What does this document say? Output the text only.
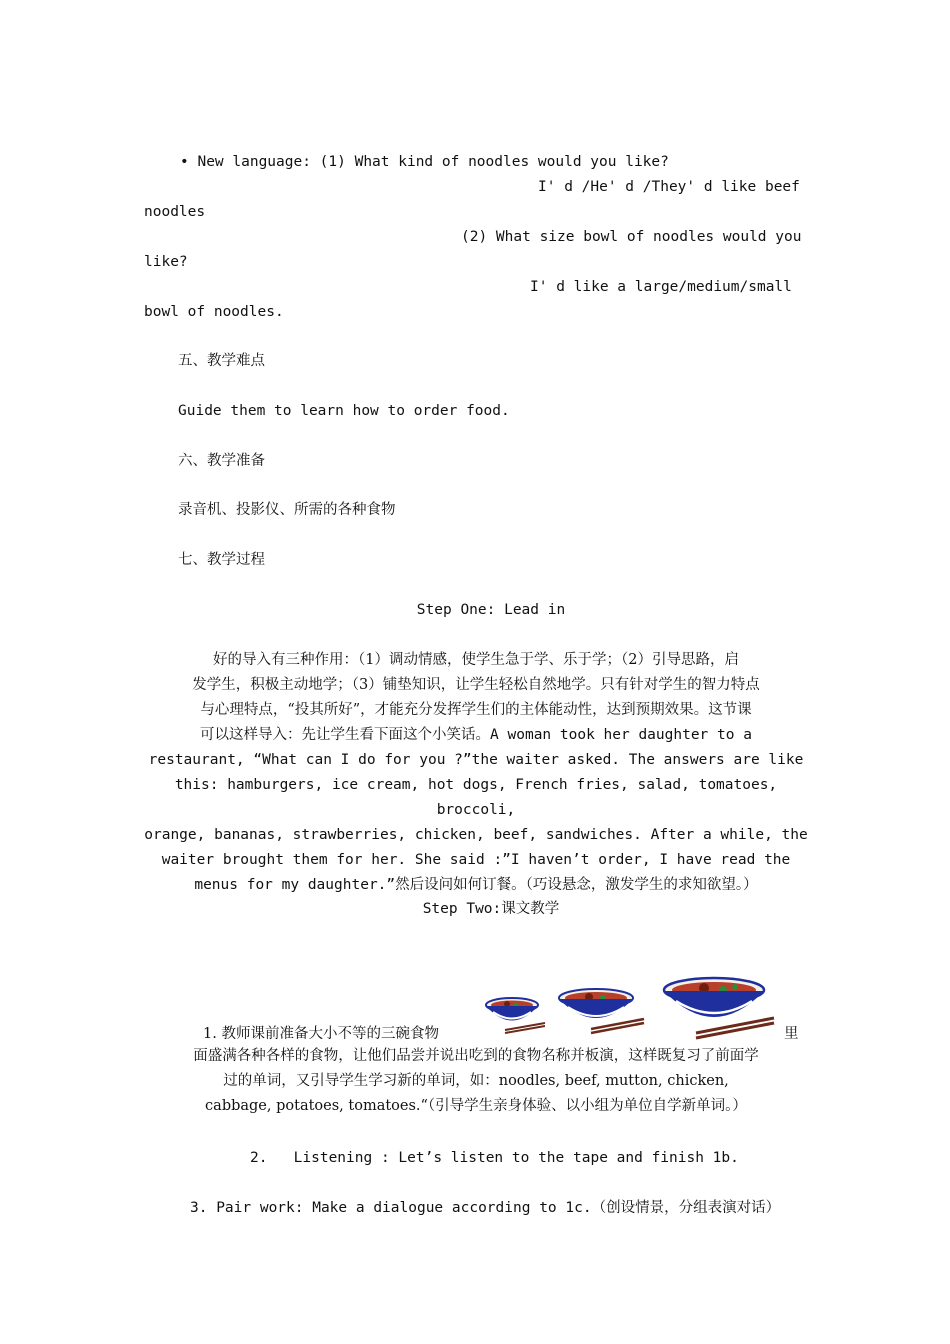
• New language: (1) What kind of noodles would you like?
I' d /He' d /They' d like beef
noodles
(2) What size bowl of noodles would you
like?
I' d like a large/medium/small
bowl of noodles.
五、教学难点
Guide them to learn how to order food.
六、教学准备
录音机、投影仪、所需的各种食物
七、教学过程
Step One: Lead in
好的导入有三种作用：（1）调动情感，使学生急于学、乐于学；（2）引导思路，启
发学生，积极主动地学；（3）铺垫知识，让学生轻松自然地学。只有针对学生的智力特点
与心理特点，“投其所好”，才能充分发挥学生们的主体能动性，达到预期效果。这节课
可以这样导入：先让学生看下面这个小笑话。A woman took her daughter to a
restaurant, “What can I do for you ?”the waiter asked. The answers are like
this: hamburgers, ice cream, hot dogs, French fries, salad, tomatoes, broccoli,
orange, bananas, strawberries, chicken, beef, sandwiches. After a while, the
waiter brought them for her. She said :”I haven’t order, I have read the
menus for my daughter.”然后设问如何订餐。（巧设悬念，激发学生的求知欲望。）
Step Two:课文教学
1. 教师课前准备大小不等的三碗食物	里
面盛满各种各样的食物，让他们品尝并说出吃到的食物名称并板演，这样既复习了前面学
过的单词，又引导学生学习新的单词，如：noodles, beef, mutton, chicken,
cabbage, potatoes, tomatoes.“（引导学生亲身体验、以小组为单位自学新单词。）
2.   Listening : Let’s listen to the tape and finish 1b.
3. Pair work: Make a dialogue according to 1c.（创设情景，分组表演对话）
